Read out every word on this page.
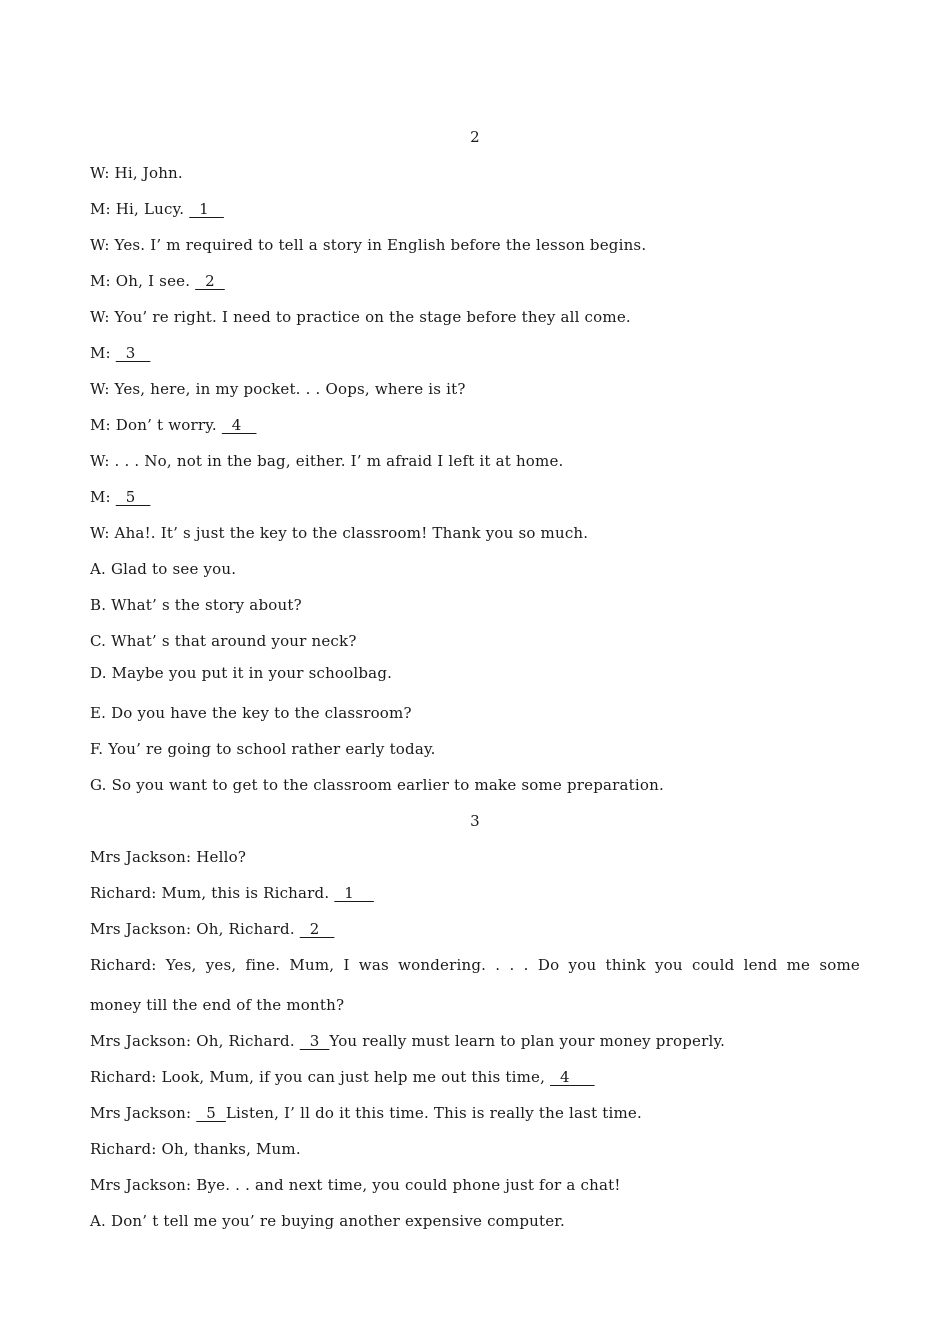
2
W: Hi, John.
M: Hi, Lucy.   1
W: Yes. I’ m required to tell a story in English before the lesson begins.
M: Oh, I see.   2
W: You’ re right. I need to practice on the stage before they all come.
M:   3
W: Yes, here, in my pocket. . . Oops, where is it?
M: Don’ t worry.   4
W: . . . No, not in the bag, either. I’ m afraid I left it at home.
M:   5
W: Aha!. It’ s just the key to the classroom! Thank you so much.
A. Glad to see you.
B. What’ s the story about?
C. What’ s that around your neck?
D. Maybe you put it in your schoolbag.
E. Do you have the key to the classroom?
F. You’ re going to school rather early today.
G. So you want to get to the classroom earlier to make some preparation.
3
Mrs Jackson: Hello?
Richard: Mum, this is Richard.   1
Mrs Jackson: Oh, Richard.   2
Richard: Yes, yes, fine. Mum, I was wondering. . . . Do you think you could lend me some
money till the end of the month?
Mrs Jackson: Oh, Richard.   3  You really must learn to plan your money properly.
Richard: Look, Mum, if you can just help me out this time,   4
Mrs Jackson:   5  Listen, I’ ll do it this time. This is really the last time.
Richard: Oh, thanks, Mum.
Mrs Jackson: Bye. . . and next time, you could phone just for a chat!
A. Don’ t tell me you’ re buying another expensive computer.
